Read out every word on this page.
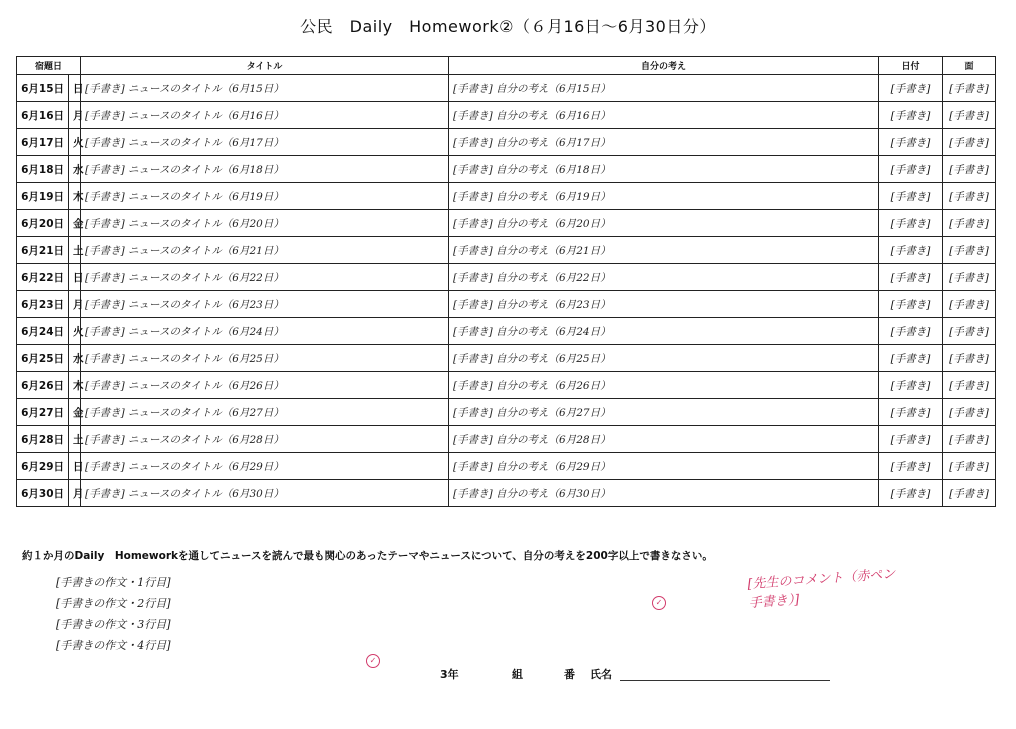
公民　Daily　Homework②（６月16日〜6月30日分）
宿題日		タイトル	自分の考え	日付	面
6月15日	日	[手書き] ニュースのタイトル（6月15日）	[手書き] 自分の考え（6月15日）	[手書き]	[手書き]
6月16日	月	[手書き] ニュースのタイトル（6月16日）	[手書き] 自分の考え（6月16日）	[手書き]	[手書き]
6月17日	火	[手書き] ニュースのタイトル（6月17日）	[手書き] 自分の考え（6月17日）	[手書き]	[手書き]
6月18日	水	[手書き] ニュースのタイトル（6月18日）	[手書き] 自分の考え（6月18日）	[手書き]	[手書き]
6月19日	木	[手書き] ニュースのタイトル（6月19日）	[手書き] 自分の考え（6月19日）	[手書き]	[手書き]
6月20日	金	[手書き] ニュースのタイトル（6月20日）	[手書き] 自分の考え（6月20日）	[手書き]	[手書き]
6月21日	土	[手書き] ニュースのタイトル（6月21日）	[手書き] 自分の考え（6月21日）	[手書き]	[手書き]
6月22日	日	[手書き] ニュースのタイトル（6月22日）	[手書き] 自分の考え（6月22日）	[手書き]	[手書き]
6月23日	月	[手書き] ニュースのタイトル（6月23日）	[手書き] 自分の考え（6月23日）	[手書き]	[手書き]
6月24日	火	[手書き] ニュースのタイトル（6月24日）	[手書き] 自分の考え（6月24日）	[手書き]	[手書き]
6月25日	水	[手書き] ニュースのタイトル（6月25日）	[手書き] 自分の考え（6月25日）	[手書き]	[手書き]
6月26日	木	[手書き] ニュースのタイトル（6月26日）	[手書き] 自分の考え（6月26日）	[手書き]	[手書き]
6月27日	金	[手書き] ニュースのタイトル（6月27日）	[手書き] 自分の考え（6月27日）	[手書き]	[手書き]
6月28日	土	[手書き] ニュースのタイトル（6月28日）	[手書き] 自分の考え（6月28日）	[手書き]	[手書き]
6月29日	日	[手書き] ニュースのタイトル（6月29日）	[手書き] 自分の考え（6月29日）	[手書き]	[手書き]
6月30日	月	[手書き] ニュースのタイトル（6月30日）	[手書き] 自分の考え（6月30日）	[手書き]	[手書き]
約１か月のDaily　Homeworkを通してニュースを読んで最も関心のあったテーマやニュースについて、自分の考えを200字以上で書きなさい。
[手書きの作文・1行目]
[手書きの作文・2行目]
[手書きの作文・3行目]
[手書きの作文・4行目]
✓
✓
[先生のコメント（赤ペン手書き）]
3年	組	番 氏名
